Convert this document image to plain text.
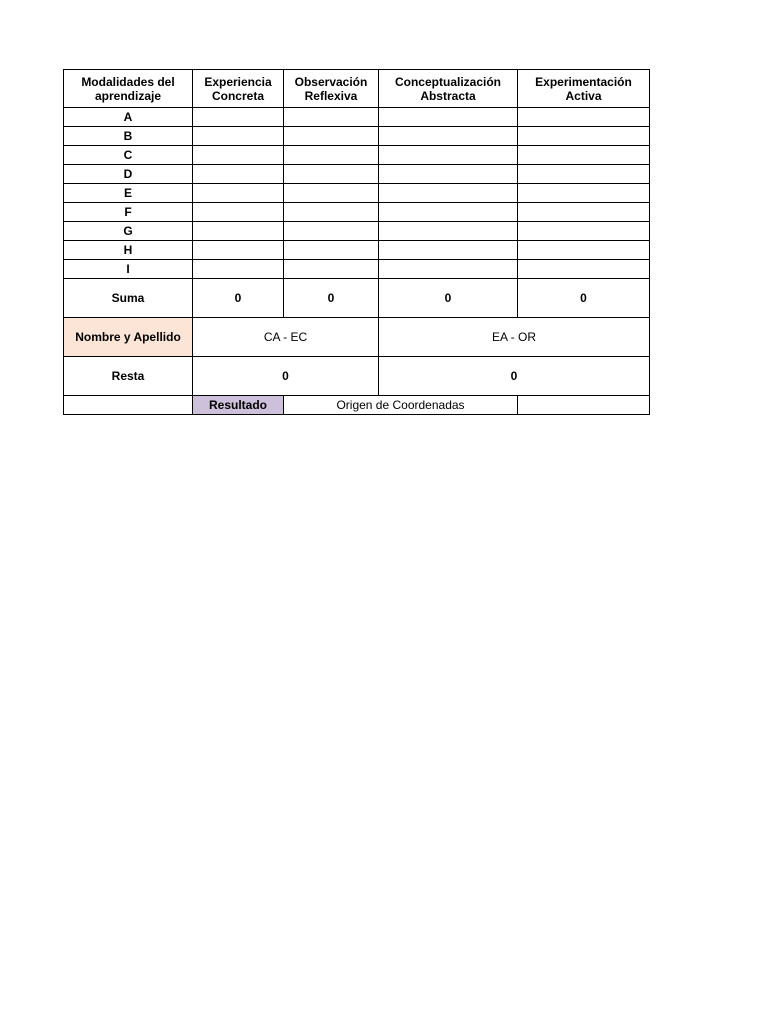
Modalidades del aprendizaje	Experiencia Concreta	Observación Reflexiva	Conceptualización Abstracta	Experimentación Activa
A				
B				
C				
D				
E				
F				
G				
H				
I				
Suma	0	0	0	0
Nombre y Apellido	CA - EC		EA - OR	
Resta	0		0	
	Resultado	Origen de Coordenadas		
